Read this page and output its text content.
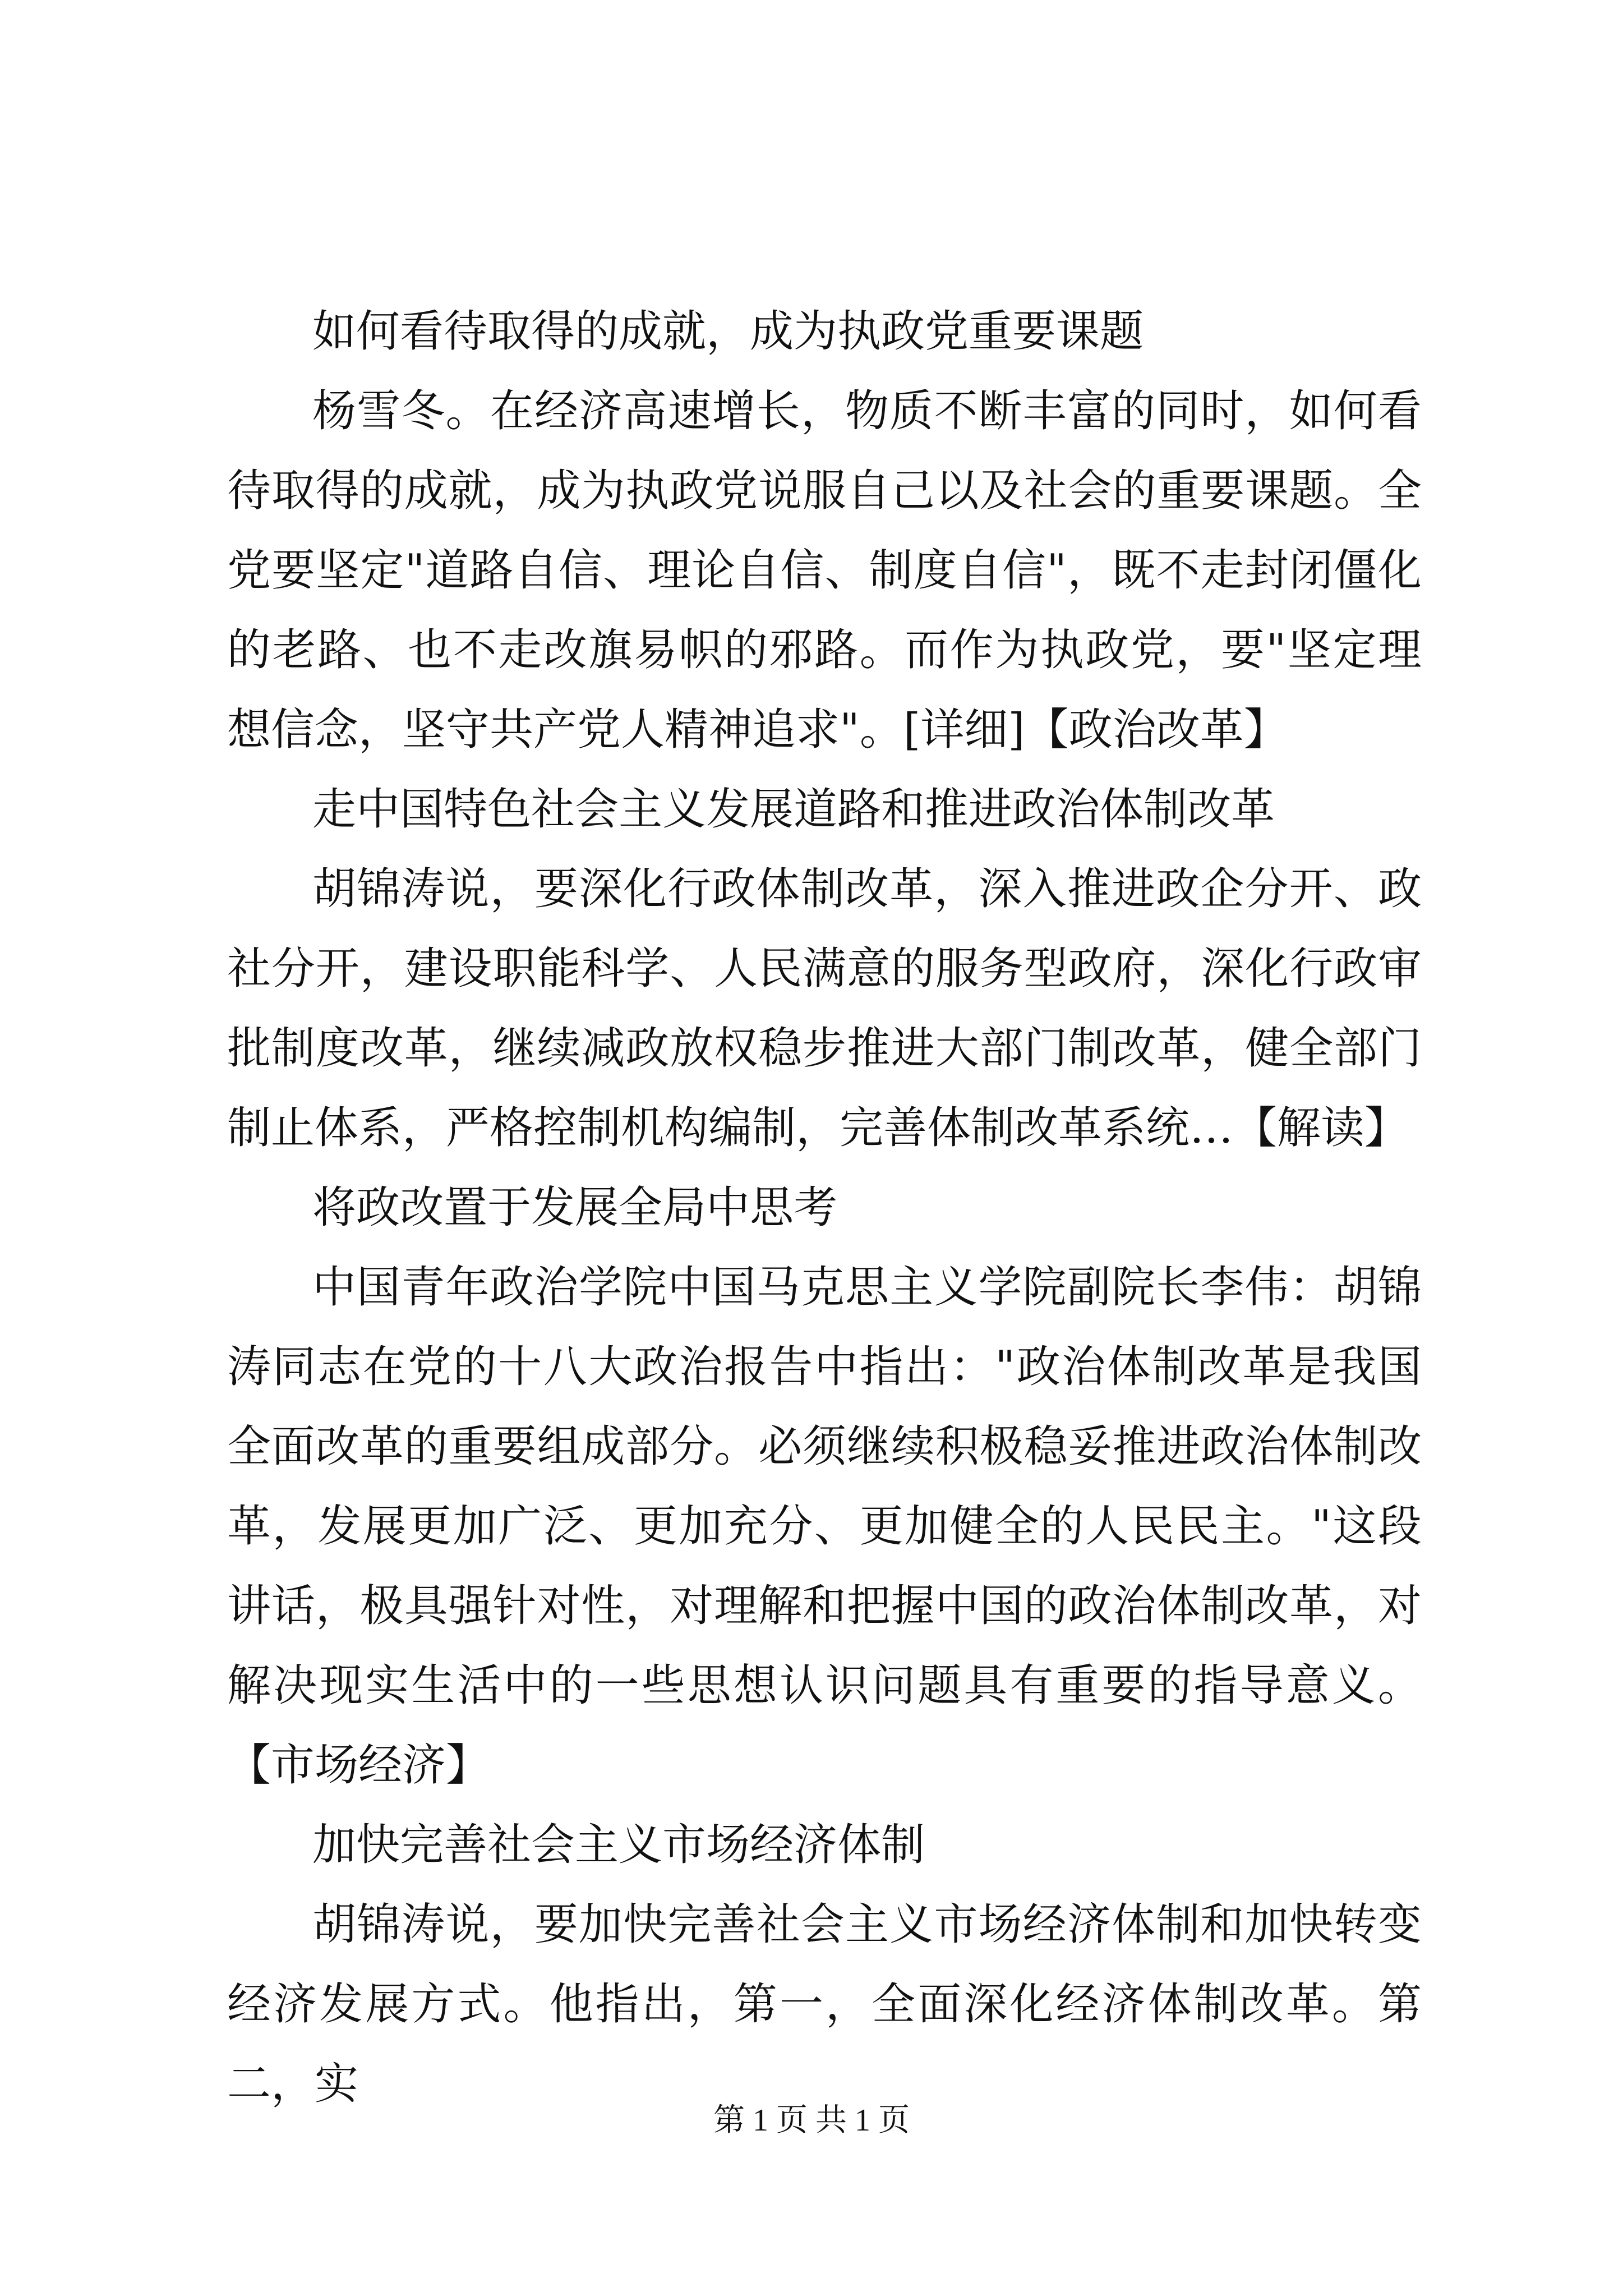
如何看待取得的成就，成为执政党重要课题

杨雪冬。在经济高速增长，物质不断丰富的同时，如何看待取得的成就，成为执政党说服自己以及社会的重要课题。全党要坚定"道路自信、理论自信、制度自信"，既不走封闭僵化的老路、也不走改旗易帜的邪路。而作为执政党，要"坚定理想信念，坚守共产党人精神追求"。[详细]【政治改革】

走中国特色社会主义发展道路和推进政治体制改革

胡锦涛说，要深化行政体制改革，深入推进政企分开、政社分开，建设职能科学、人民满意的服务型政府，深化行政审批制度改革，继续减政放权稳步推进大部门制改革，健全部门制止体系，严格控制机构编制，完善体制改革系统…【解读】

将政改置于发展全局中思考

中国青年政治学院中国马克思主义学院副院长李伟：胡锦涛同志在党的十八大政治报告中指出："政治体制改革是我国全面改革的重要组成部分。必须继续积极稳妥推进政治体制改革，发展更加广泛、更加充分、更加健全的人民民主。"这段讲话，极具强针对性，对理解和把握中国的政治体制改革，对解决现实生活中的一些思想认识问题具有重要的指导意义。【市场经济】

加快完善社会主义市场经济体制

胡锦涛说，要加快完善社会主义市场经济体制和加快转变经济发展方式。他指出，第一，全面深化经济体制改革。第二，实

第 1 页 共 1 页
